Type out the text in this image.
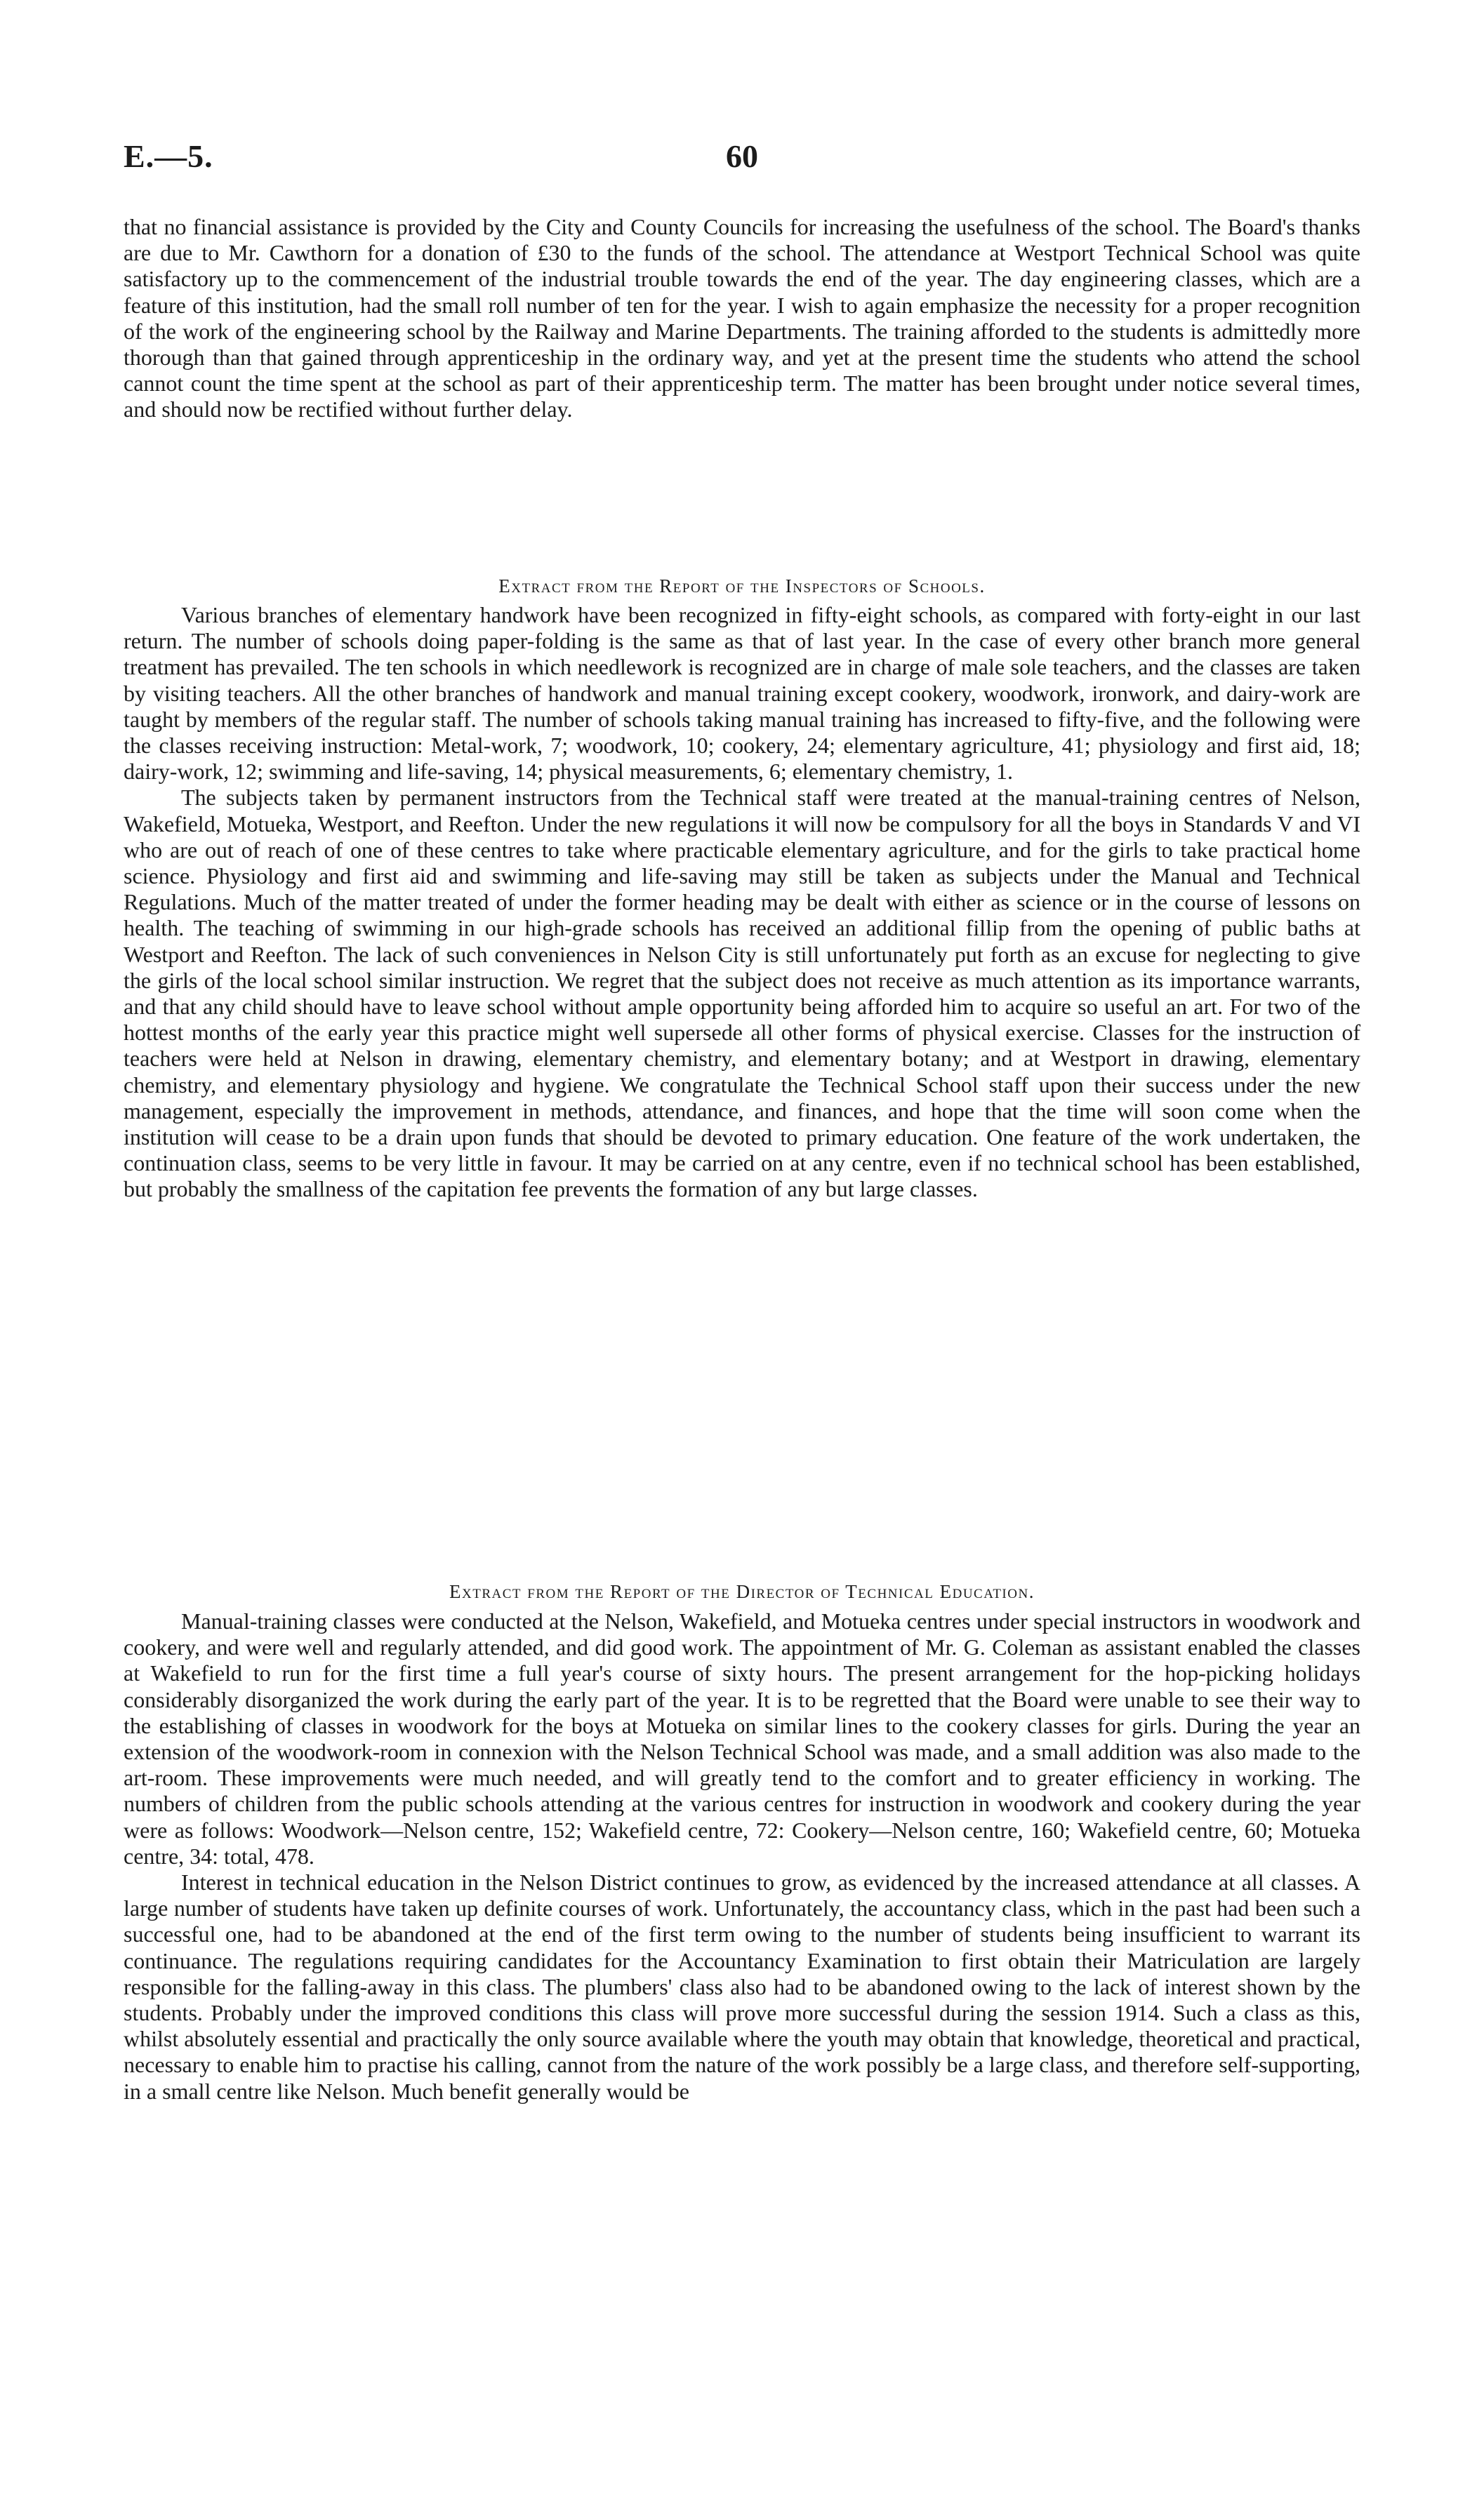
E.—5.	60

that no financial assistance is provided by the City and County Councils for increasing the usefulness of the school. The Board's thanks are due to Mr. Cawthorn for a donation of £30 to the funds of the school. The attendance at Westport Technical School was quite satisfactory up to the commencement of the industrial trouble towards the end of the year. The day engineering classes, which are a feature of this institution, had the small roll number of ten for the year. I wish to again emphasize the necessity for a proper recognition of the work of the engineering school by the Railway and Marine Departments. The training afforded to the students is admittedly more thorough than that gained through apprenticeship in the ordinary way, and yet at the present time the students who attend the school cannot count the time spent at the school as part of their apprenticeship term. The matter has been brought under notice several times, and should now be rectified without further delay.

Extract from the Report of the Inspectors of Schools.

Various branches of elementary handwork have been recognized in fifty-eight schools, as compared with forty-eight in our last return. The number of schools doing paper-folding is the same as that of last year. In the case of every other branch more general treatment has prevailed. The ten schools in which needlework is recognized are in charge of male sole teachers, and the classes are taken by visiting teachers. All the other branches of handwork and manual training except cookery, woodwork, ironwork, and dairy-work are taught by members of the regular staff. The number of schools taking manual training has increased to fifty-five, and the following were the classes receiving instruction: Metal-work, 7; woodwork, 10; cookery, 24; elementary agriculture, 41; physiology and first aid, 18; dairy-work, 12; swimming and life-saving, 14; physical measurements, 6; elementary chemistry, 1.

The subjects taken by permanent instructors from the Technical staff were treated at the manual-training centres of Nelson, Wakefield, Motueka, Westport, and Reefton. Under the new regulations it will now be compulsory for all the boys in Standards V and VI who are out of reach of one of these centres to take where practicable elementary agriculture, and for the girls to take practical home science. Physiology and first aid and swimming and life-saving may still be taken as subjects under the Manual and Technical Regulations. Much of the matter treated of under the former heading may be dealt with either as science or in the course of lessons on health. The teaching of swimming in our high-grade schools has received an additional fillip from the opening of public baths at Westport and Reefton. The lack of such conveniences in Nelson City is still unfortunately put forth as an excuse for neglecting to give the girls of the local school similar instruction. We regret that the subject does not receive as much attention as its importance warrants, and that any child should have to leave school without ample opportunity being afforded him to acquire so useful an art. For two of the hottest months of the early year this practice might well supersede all other forms of physical exercise. Classes for the instruction of teachers were held at Nelson in drawing, elementary chemistry, and elementary botany; and at Westport in drawing, elementary chemistry, and elementary physiology and hygiene. We congratulate the Technical School staff upon their success under the new management, especially the improvement in methods, attendance, and finances, and hope that the time will soon come when the institution will cease to be a drain upon funds that should be devoted to primary education. One feature of the work undertaken, the continuation class, seems to be very little in favour. It may be carried on at any centre, even if no technical school has been established, but probably the smallness of the capitation fee prevents the formation of any but large classes.

Extract from the Report of the Director of Technical Education.

Manual-training classes were conducted at the Nelson, Wakefield, and Motueka centres under special instructors in woodwork and cookery, and were well and regularly attended, and did good work. The appointment of Mr. G. Coleman as assistant enabled the classes at Wakefield to run for the first time a full year's course of sixty hours. The present arrangement for the hop-picking holidays considerably disorganized the work during the early part of the year. It is to be regretted that the Board were unable to see their way to the establishing of classes in woodwork for the boys at Motueka on similar lines to the cookery classes for girls. During the year an extension of the woodwork-room in connexion with the Nelson Technical School was made, and a small addition was also made to the art-room. These improvements were much needed, and will greatly tend to the comfort and to greater efficiency in working. The numbers of children from the public schools attending at the various centres for instruction in woodwork and cookery during the year were as follows: Woodwork—Nelson centre, 152; Wakefield centre, 72: Cookery—Nelson centre, 160; Wakefield centre, 60; Motueka centre, 34: total, 478.

Interest in technical education in the Nelson District continues to grow, as evidenced by the increased attendance at all classes. A large number of students have taken up definite courses of work. Unfortunately, the accountancy class, which in the past had been such a successful one, had to be abandoned at the end of the first term owing to the number of students being insufficient to warrant its continuance. The regulations requiring candidates for the Accountancy Examination to first obtain their Matriculation are largely responsible for the falling-away in this class. The plumbers' class also had to be abandoned owing to the lack of interest shown by the students. Probably under the improved conditions this class will prove more successful during the session 1914. Such a class as this, whilst absolutely essential and practically the only source available where the youth may obtain that knowledge, theoretical and practical, necessary to enable him to practise his calling, cannot from the nature of the work possibly be a large class, and therefore self-supporting, in a small centre like Nelson. Much benefit generally would be
